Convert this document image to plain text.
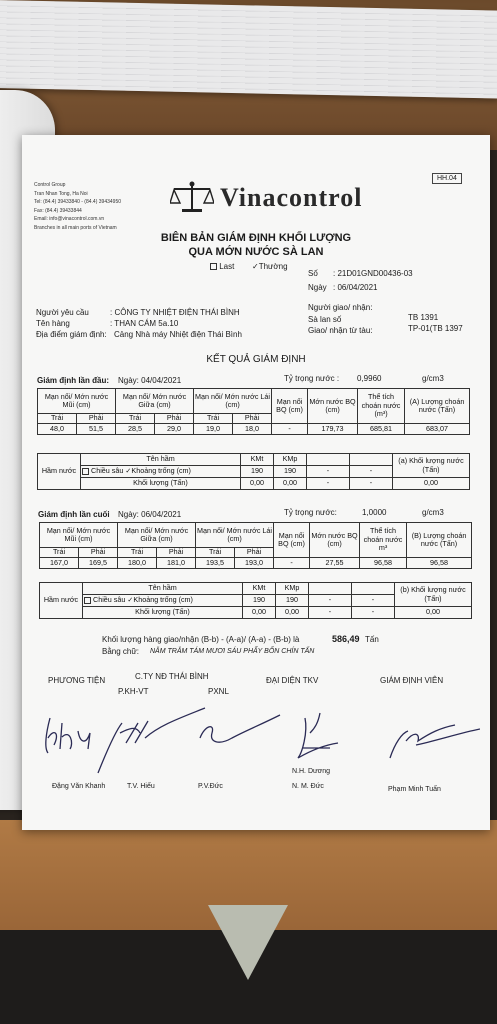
Control Group
Tran Nhan Tong, Ha Noi
Tel: (84.4) 39433840 - (84.4) 39434950
Fax: (84.4) 39433844
Email: info@vinacontrol.com.vn
Branches in all main ports of Vietnam
Vinacontrol
HH.04
BIÊN BẢN GIÁM ĐỊNH KHỐI LƯỢNG
QUA MỚN NƯỚC SÀ LAN
Last ✓Thường
Số : 21D01GND00436-03
Ngày : 06/04/2021
Người yêu cầu	: CÔNG TY NHIỆT ĐIỆN THÁI BÌNH
Tên hàng	: THAN CÁM 5a.10
Địa điểm giám định: Cảng Nhà máy Nhiệt điện Thái Bình
Người giao/ nhận:
Sà lan số	TB 1391
Giao/ nhận từ tàu:	TP-01(TB 1397
KẾT QUẢ GIÁM ĐỊNH
Giám định lần đầu: Ngày: 04/04/2021	Tỷ trọng nước : 0,9960	g/cm3
Mạn nổi/ Mớn nước Mũi (cm)		Mạn nổi/ Mớn nước Giữa (cm)		Mạn nổi/ Mớn nước Lái (cm)		Mạn nổi BQ (cm)	Mớn nước BQ (cm)	Thể tích choán nước (m³)	(A) Lượng choán nước (Tấn)
Trái	Phải	Trái	Phải	Trái	Phải				
48,0	51,5	28,5	29,0	19,0	18,0	-	179,73	685,81	683,07
Hầm nước	Tên hầm	KMt	KMp			(a) Khối lượng nước (Tấn)
	Chiều sâu ✓Khoảng trống (cm)	190	190	-	-	
	Khối lượng (Tấn)	0,00	0,00	-	-	0,00
Giám định lần cuối Ngày: 06/04/2021	Tỷ trọng nước:	1,0000	g/cm3
Mạn nổi/ Mớn nước Mũi (cm)		Mạn nổi/ Mớn nước Giữa (cm)		Mạn nổi/ Mớn nước Lái (cm)		Mạn nổi BQ (cm)	Mớn nước BQ (cm)	Thể tích choán nước m³	(B) Lượng choán nước (Tấn)
Trái	Phải	Trái	Phải	Trái	Phải				
167,0	169,5	180,0	181,0	193,5	193,0	-	27,55	96,58	96,58
Hầm nước	Tên hầm	KMt	KMp			(b) Khối lượng nước (Tấn)
	Chiều sâu ✓Khoảng trống (cm)	190	190	-	-	
	Khối lượng (Tấn)	0,00	0,00	-	-	0,00
Khối lượng hàng giao/nhận (B-b) - (A-a)/ (A-a) - (B-b) là	586,49 Tấn
Bằng chữ: NĂM TRĂM TÁM MƯƠI SÁU PHẨY BỐN CHÍN TẤN
PHƯƠNG TIỆN	C.TY NĐ THÁI BÌNH
P.KH-VT	PXNL
ĐẠI DIỆN TKV	GIÁM ĐỊNH VIÊN
N.H. Dương
Đặng Văn Khanh	T.V. Hiếu	P.V.Đức	N. M. Đức	Phạm Minh Tuấn
